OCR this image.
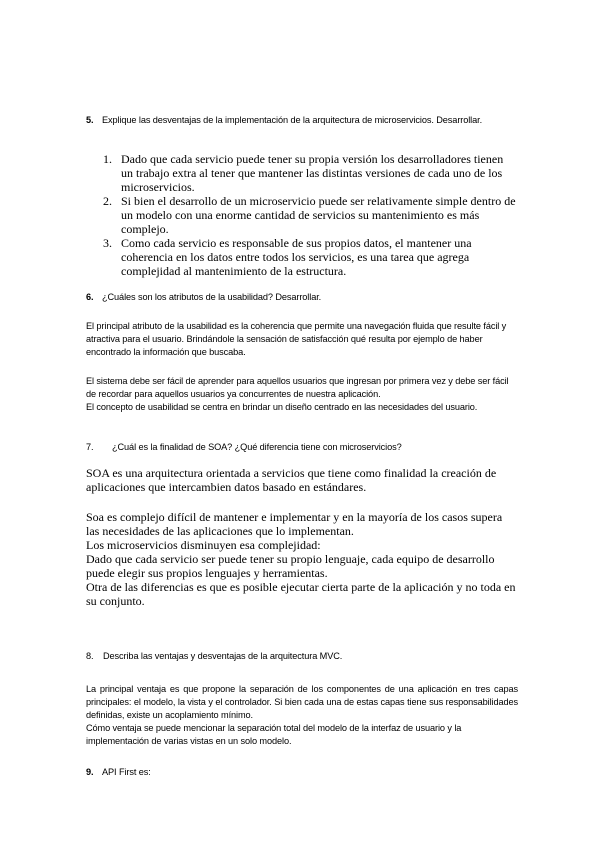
5. Explique las desventajas de la implementación de la arquitectura de microservicios. Desarrollar.
1. Dado que cada servicio puede tener su propia versión los desarrolladores tienen un trabajo extra al tener que mantener las distintas versiones de cada uno de los microservicios.
2. Si bien el desarrollo de un microservicio puede ser relativamente simple dentro de un modelo con una enorme cantidad de servicios su mantenimiento es más complejo.
3. Como cada servicio es responsable de sus propios datos, el mantener una coherencia en los datos entre todos los servicios, es una tarea que agrega complejidad al mantenimiento de la estructura.
6. ¿Cuáles son los atributos de la usabilidad? Desarrollar.

El principal atributo de la usabilidad es la coherencia que permite una navegación fluida que resulte fácil y atractiva para el usuario. Brindándole la sensación de satisfacción qué resulta por ejemplo de haber encontrado la información que buscaba.

El sistema debe ser fácil de aprender para aquellos usuarios que ingresan por primera vez y debe ser fácil de recordar para aquellos usuarios ya concurrentes de nuestra aplicación.

El concepto de usabilidad se centra en brindar un diseño centrado en las necesidades del usuario.

7. ¿Cuál es la finalidad de SOA? ¿Qué diferencia tiene con microservicios?

SOA es una arquitectura orientada a servicios que tiene como finalidad la creación de aplicaciones que intercambien datos basado en estándares.

Soa es complejo difícil de mantener e implementar y en la mayoría de los casos supera las necesidades de las aplicaciones que lo implementan.

Los microservicios disminuyen esa complejidad:

Dado que cada servicio ser puede tener su propio lenguaje, cada equipo de desarrollo puede elegir sus propios lenguajes y herramientas.

Otra de las diferencias es que es posible ejecutar cierta parte de la aplicación y no toda en su conjunto.

8. Describa las ventajas y desventajas de la arquitectura MVC.

La principal ventaja es que propone la separación de los componentes de una aplicación en tres capas principales: el modelo, la vista y el controlador. Si bien cada una de estas capas tiene sus responsabilidades definidas, existe un acoplamiento mínimo.

Cómo ventaja se puede mencionar la separación total del modelo de la interfaz de usuario y la implementación de varias vistas en un solo modelo.

9. API First es:
